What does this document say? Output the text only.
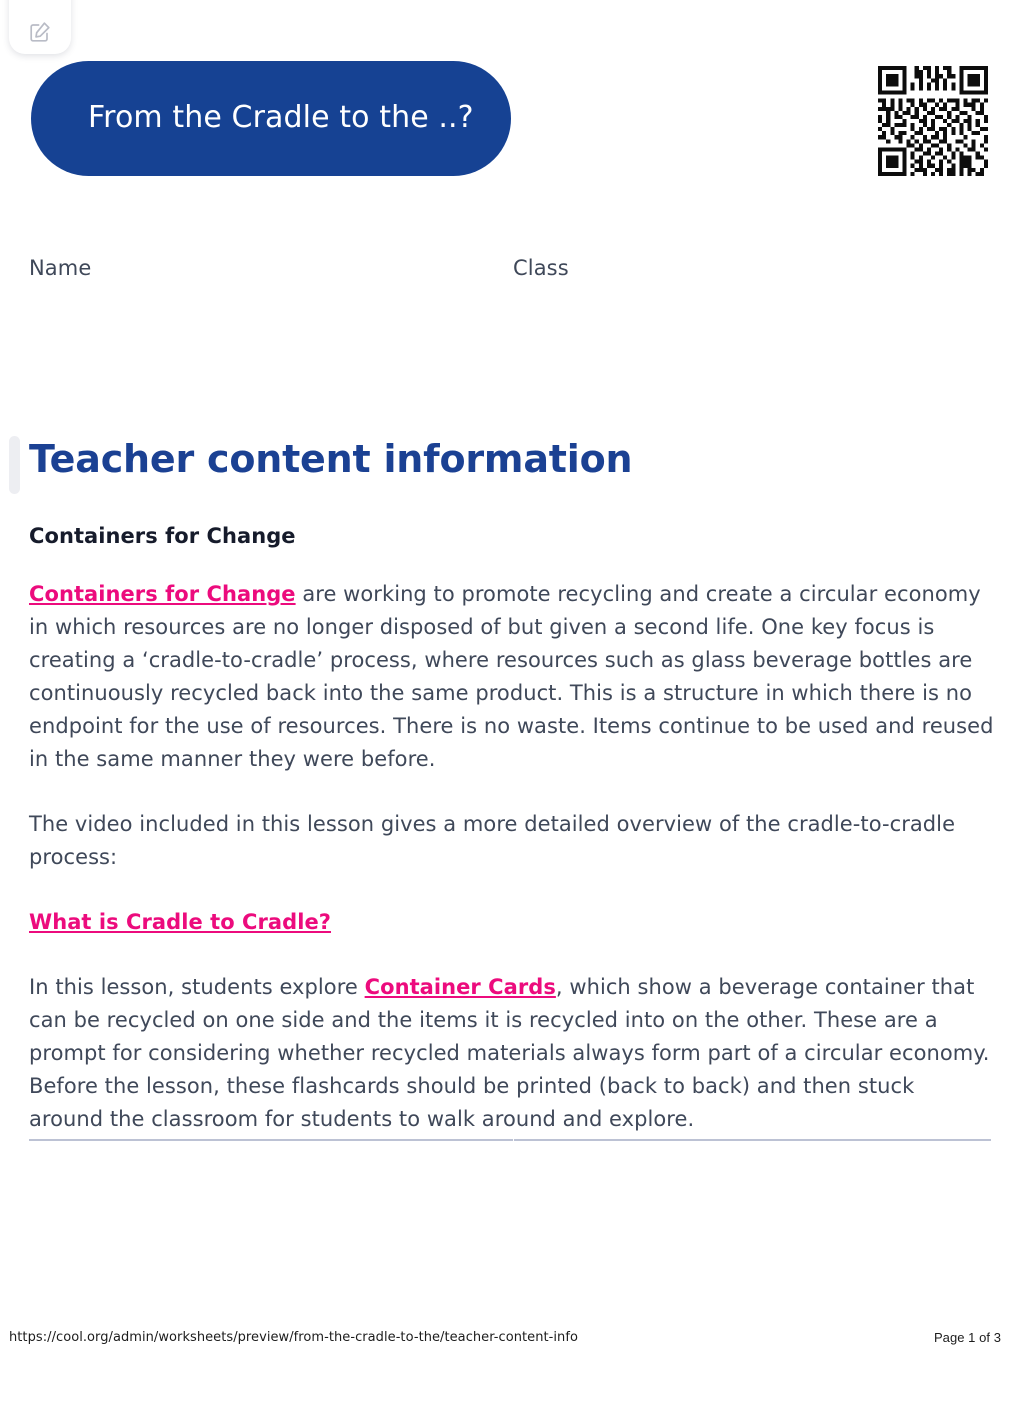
From the Cradle to the ..?
Name	Class
Teacher content information
Containers for Change

Containers for Change are working to promote recycling and create a circular economy in which resources are no longer disposed of but given a second life. One key focus is creating a ‘cradle-to-cradle’ process, where resources such as glass beverage bottles are continuously recycled back into the same product. This is a structure in which there is no endpoint for the use of resources. There is no waste. Items continue to be used and reused in the same manner they were before.

The video included in this lesson gives a more detailed overview of the cradle-to-cradle process:

What is Cradle to Cradle?

In this lesson, students explore Container Cards, which show a beverage container that can be recycled on one side and the items it is recycled into on the other. These are a prompt for considering whether recycled materials always form part of a circular economy. Before the lesson, these flashcards should be printed (back to back) and then stuck around the classroom for students to walk around and explore.

https://cool.org/admin/worksheets/preview/from-the-cradle-to-the/teacher-content-info	Page 1 of 3
